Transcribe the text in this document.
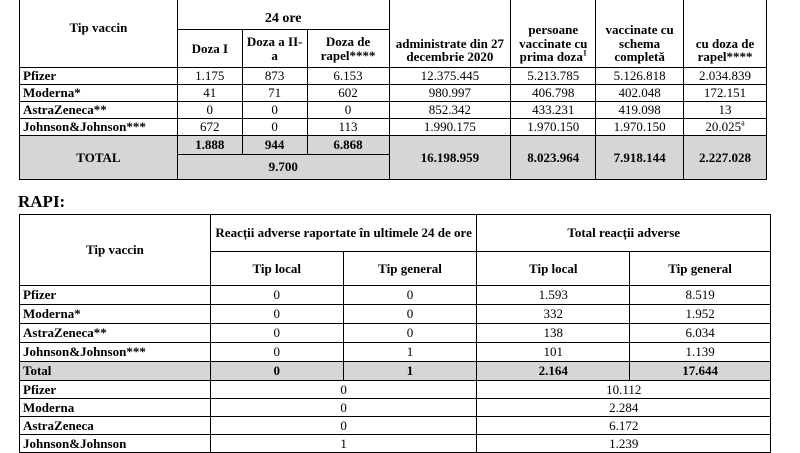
Tip vaccin	24 ore			administrate din 27 decembrie 2020	persoane vaccinate cu prima doza$^1$	vaccinate cu schema completă	cu doza de rapel****
	Doza I	Doza a II-a	Doza de rapel****				
Pfizer	1.175	873	6.153	12.375.445	5.213.785	5.126.818	2.034.839
Moderna*	41	71	602	980.997	406.798	402.048	172.151
AstraZeneca**	0	0	0	852.342	433.231	419.098	13
Johnson&Johnson***	672	0	113	1.990.175	1.970.150	1.970.150	20.025$^a$
TOTAL	1.888	944	6.868	16.198.959	8.023.964	7.918.144	2.227.028
	9.700						
RAPI:
Tip vaccin	Reacții adverse raportate în ultimele 24 de ore		Total reacții adverse	
	Tip local	Tip general	Tip local	Tip general
Pfizer	0	0	1.593	8.519
Moderna*	0	0	332	1.952
AstraZeneca**	0	0	138	6.034
Johnson&Johnson***	0	1	101	1.139
Total	0	1	2.164	17.644
Pfizer	0		10.112	
Moderna	0		2.284	
AstraZeneca	0		6.172	
Johnson&Johnson	1		1.239	
